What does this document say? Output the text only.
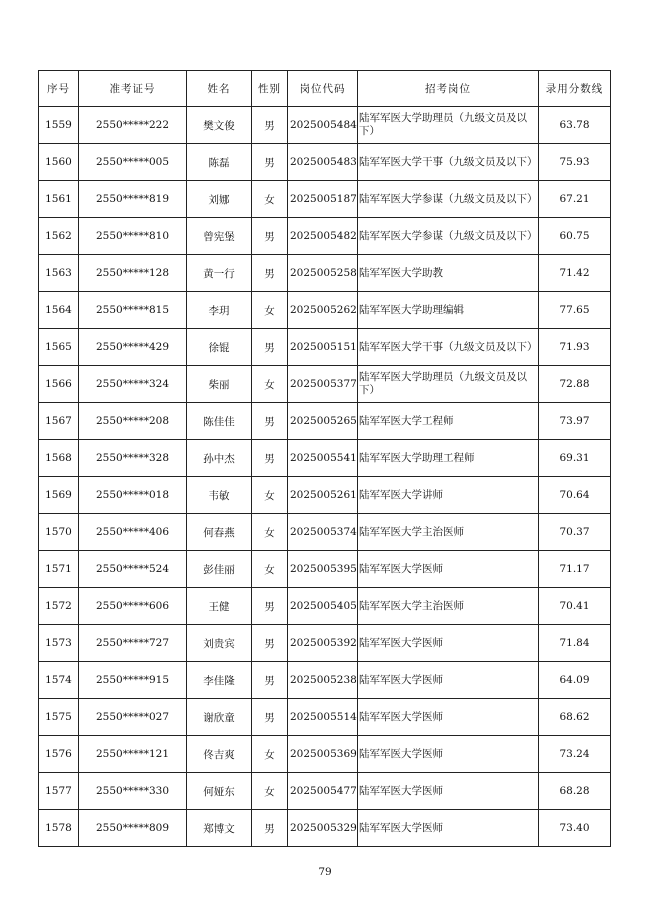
序号	准考证号	姓名	性别	岗位代码	招考岗位	录用分数线
1559	2550*****222	樊文俊	男	2025005484	陆军军医大学助理员（九级文员及以下）	63.78
1560	2550*****005	陈磊	男	2025005483	陆军军医大学干事（九级文员及以下）	75.93
1561	2550*****819	刘娜	女	2025005187	陆军军医大学参谋（九级文员及以下）	67.21
1562	2550*****810	曾宪堡	男	2025005482	陆军军医大学参谋（九级文员及以下）	60.75
1563	2550*****128	黄一行	男	2025005258	陆军军医大学助教	71.42
1564	2550*****815	李玥	女	2025005262	陆军军医大学助理编辑	77.65
1565	2550*****429	徐锟	男	2025005151	陆军军医大学干事（九级文员及以下）	71.93
1566	2550*****324	柴丽	女	2025005377	陆军军医大学助理员（九级文员及以下）	72.88
1567	2550*****208	陈佳佳	男	2025005265	陆军军医大学工程师	73.97
1568	2550*****328	孙中杰	男	2025005541	陆军军医大学助理工程师	69.31
1569	2550*****018	韦敏	女	2025005261	陆军军医大学讲师	70.64
1570	2550*****406	何春燕	女	2025005374	陆军军医大学主治医师	70.37
1571	2550*****524	彭佳丽	女	2025005395	陆军军医大学医师	71.17
1572	2550*****606	王健	男	2025005405	陆军军医大学主治医师	70.41
1573	2550*****727	刘贵宾	男	2025005392	陆军军医大学医师	71.84
1574	2550*****915	李佳隆	男	2025005238	陆军军医大学医师	64.09
1575	2550*****027	谢欣童	男	2025005514	陆军军医大学医师	68.62
1576	2550*****121	佟吉爽	女	2025005369	陆军军医大学医师	73.24
1577	2550*****330	何娅东	女	2025005477	陆军军医大学医师	68.28
1578	2550*****809	郑博文	男	2025005329	陆军军医大学医师	73.40
79
